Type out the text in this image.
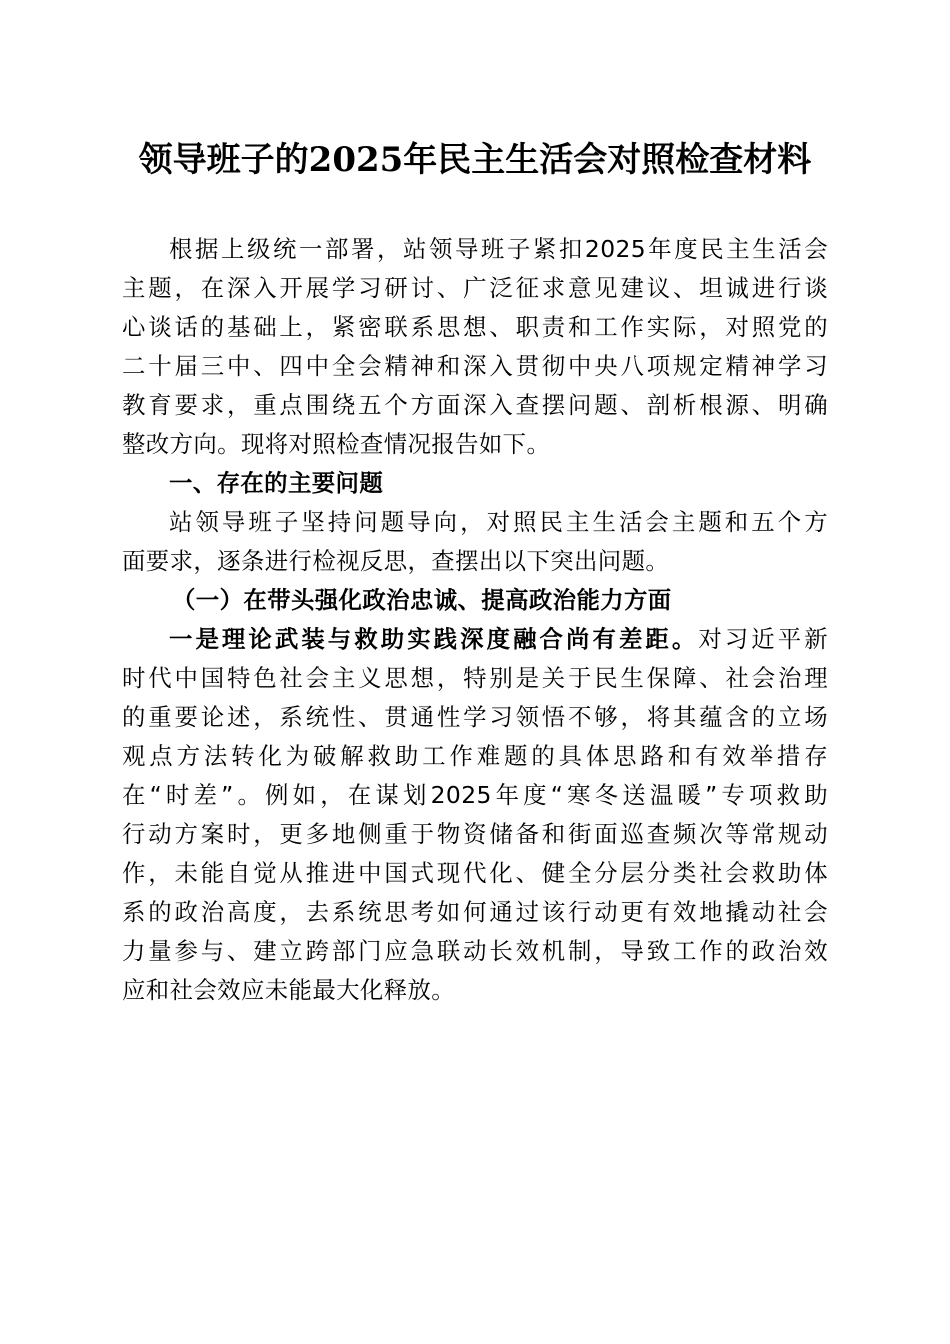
领导班子的2025年民主生活会对照检查材料
根据上级统一部署，站领导班子紧扣2025年度民主生活会
主题，在深入开展学习研讨、广泛征求意见建议、坦诚进行谈
心谈话的基础上，紧密联系思想、职责和工作实际，对照党的
二十届三中、四中全会精神和深入贯彻中央八项规定精神学习
教育要求，重点围绕五个方面深入查摆问题、剖析根源、明确
整改方向。现将对照检查情况报告如下。
一、存在的主要问题
站领导班子坚持问题导向，对照民主生活会主题和五个方
面要求，逐条进行检视反思，查摆出以下突出问题。
（一）在带头强化政治忠诚、提高政治能力方面
一是理论武装与救助实践深度融合尚有差距。对习近平新
时代中国特色社会主义思想，特别是关于民生保障、社会治理
的重要论述，系统性、贯通性学习领悟不够，将其蕴含的立场
观点方法转化为破解救助工作难题的具体思路和有效举措存
在“时差”。例如，在谋划2025年度“寒冬送温暖”专项救助
行动方案时，更多地侧重于物资储备和街面巡查频次等常规动
作，未能自觉从推进中国式现代化、健全分层分类社会救助体
系的政治高度，去系统思考如何通过该行动更有效地撬动社会
力量参与、建立跨部门应急联动长效机制，导致工作的政治效
应和社会效应未能最大化释放。
